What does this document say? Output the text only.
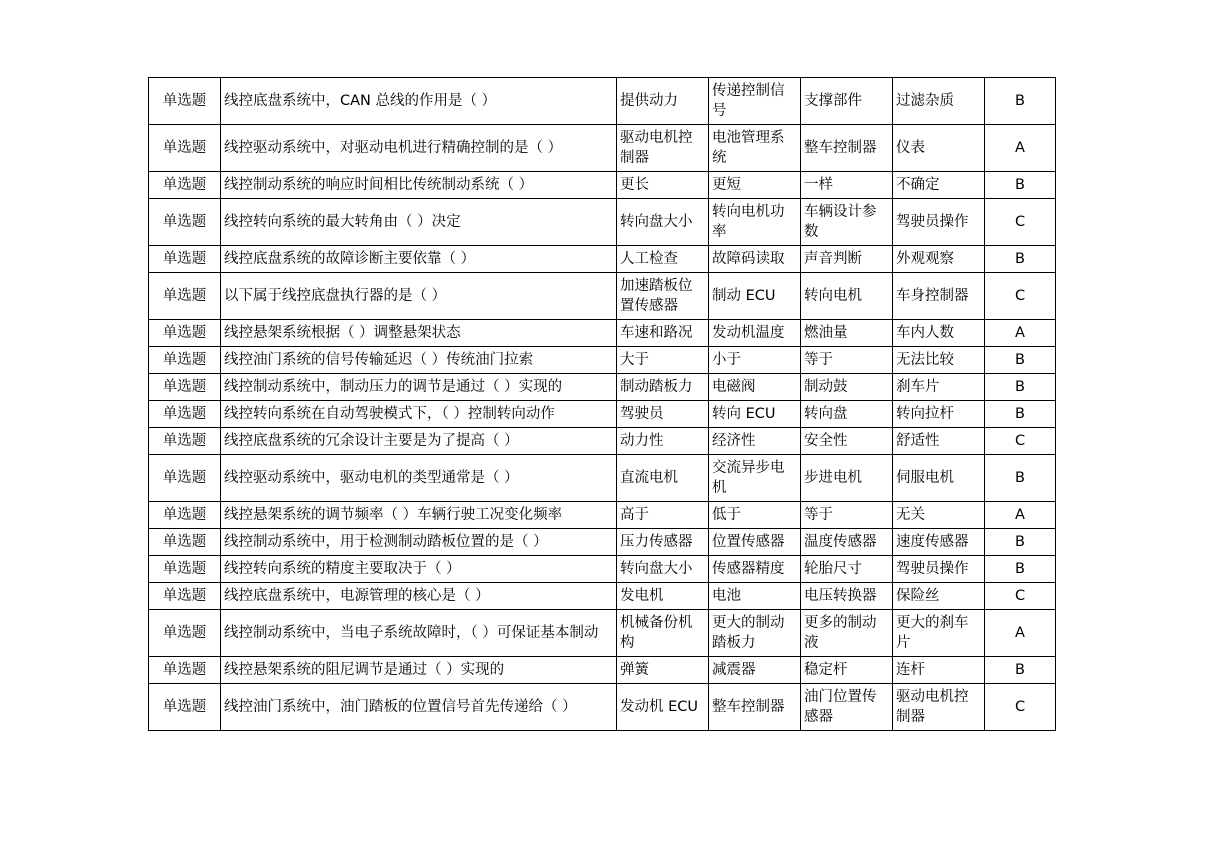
单选题	线控底盘系统中，CAN 总线的作用是（ ）	提供动力	传递控制信号	支撑部件	过滤杂质	B
单选题	线控驱动系统中，对驱动电机进行精确控制的是（ ）	驱动电机控制器	电池管理系统	整车控制器	仪表	A
单选题	线控制动系统的响应时间相比传统制动系统（ ）	更长	更短	一样	不确定	B
单选题	线控转向系统的最大转角由（ ）决定	转向盘大小	转向电机功率	车辆设计参数	驾驶员操作	C
单选题	线控底盘系统的故障诊断主要依靠（ ）	人工检查	故障码读取	声音判断	外观观察	B
单选题	以下属于线控底盘执行器的是（ ）	加速踏板位置传感器	制动 ECU	转向电机	车身控制器	C
单选题	线控悬架系统根据（ ）调整悬架状态	车速和路况	发动机温度	燃油量	车内人数	A
单选题	线控油门系统的信号传输延迟（ ）传统油门拉索	大于	小于	等于	无法比较	B
单选题	线控制动系统中，制动压力的调节是通过（ ）实现的	制动踏板力	电磁阀	制动鼓	刹车片	B
单选题	线控转向系统在自动驾驶模式下，（ ）控制转向动作	驾驶员	转向 ECU	转向盘	转向拉杆	B
单选题	线控底盘系统的冗余设计主要是为了提高（ ）	动力性	经济性	安全性	舒适性	C
单选题	线控驱动系统中，驱动电机的类型通常是（ ）	直流电机	交流异步电机	步进电机	伺服电机	B
单选题	线控悬架系统的调节频率（ ）车辆行驶工况变化频率	高于	低于	等于	无关	A
单选题	线控制动系统中，用于检测制动踏板位置的是（ ）	压力传感器	位置传感器	温度传感器	速度传感器	B
单选题	线控转向系统的精度主要取决于（ ）	转向盘大小	传感器精度	轮胎尺寸	驾驶员操作	B
单选题	线控底盘系统中，电源管理的核心是（ ）	发电机	电池	电压转换器	保险丝	C
单选题	线控制动系统中，当电子系统故障时，（ ）可保证基本制动	机械备份机构	更大的制动踏板力	更多的制动液	更大的刹车片	A
单选题	线控悬架系统的阻尼调节是通过（ ）实现的	弹簧	减震器	稳定杆	连杆	B
单选题	线控油门系统中，油门踏板的位置信号首先传递给（ ）	发动机 ECU	整车控制器	油门位置传感器	驱动电机控制器	C
